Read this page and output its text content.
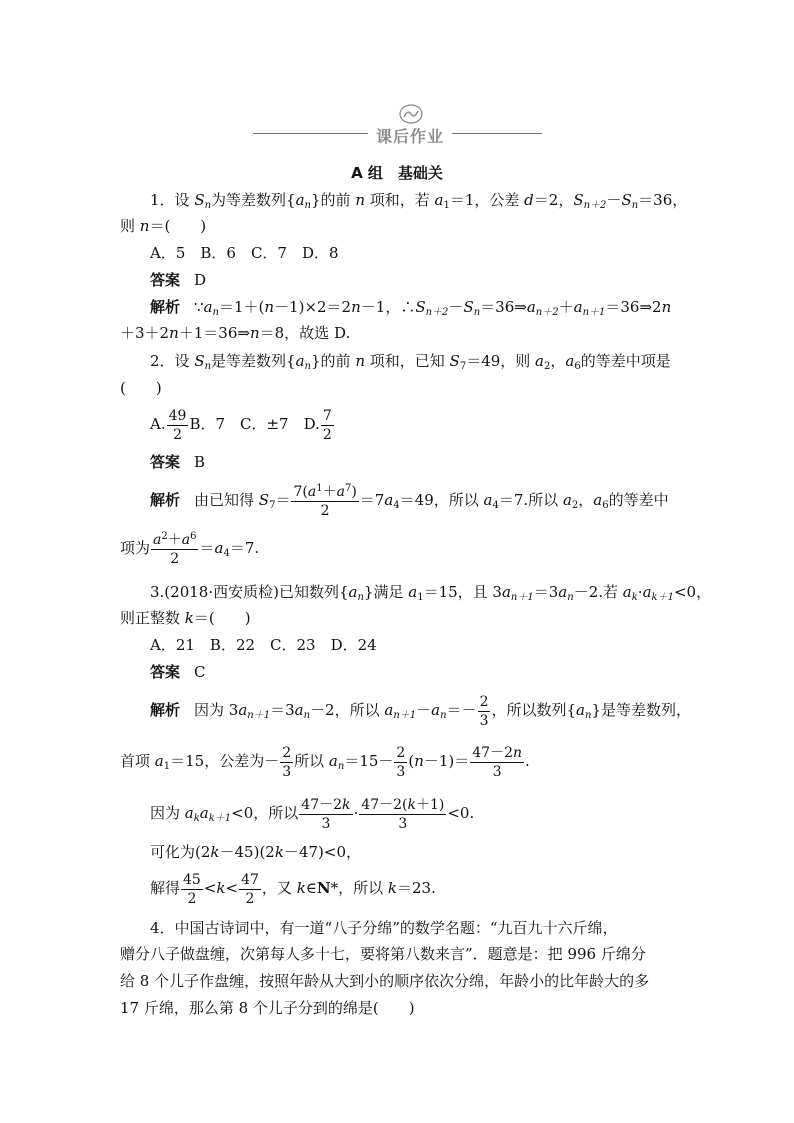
课后作业
A 组　基础关
1．设 $S_n$为等差数列$\{a_n\}$的前 n 项和，若 $a_1=1$，公差 d＝2，$S_{n+2}-S_n=36$，
则 n＝(　　)
A．5　B．6　C．7　D．8
答案 D
解析 $\because a_n=1+(n-1)\times 2=2n-1$，$\therefore S_{n+2}-S_n=36\Rightarrow a_{n+2}+a_{n+1}=36\Rightarrow 2n$
＋3＋2n＋1＝36⇒n＝8，故选 D.
2．设 $S_n$是等差数列$\{a_n\}$的前 n 项和，已知 $S_7=49$，则 $a_2$，$a_6$的等差中项是
(　　)
A. $\frac{49}{2}$ B．7　C．±7　D. $\frac{7}{2}$
答案 B
解析 由已知得 $S_7= \frac{7(a^1+a^7)}{2} =7a_4=49$，所以 $a_4=7$.所以 $a_2$，$a_6$的等差中
项为 $\frac{a^2+a^6}{2} =a_4=7$.
3.(2018·西安质检)已知数列$\{a_n\}$满足 $a_1=15$，且 $3a_{n+1}=3a_n-2$.若 $a_k\cdot a_{k+1}<0$，
则正整数 k＝(　　)
A．21　B．22　C．23　D．24
答案 C
解析 因为 $3a_{n+1}=3a_n-2$，所以 $a_{n+1}-a_n=- \frac{2}{3}$ ，所以数列$\{a_n\}$是等差数列，
首项 $a_1=15$，公差为－ $\frac{2}{3}$ 所以 $a_n=15- \frac{2}{3} (n-1)= \frac{47-2n}{3}$ .
因为 $a_ka_{k+1}<0$，所以 $\frac{47-2k}{3} \cdot \frac{47-2(k+1)}{3} <0$.
可化为(2k－45)(2k－47)<0，
解得 $\frac{45}{2} <k< \frac{47}{2}$ ，又 k∈N*，所以 k＝23.
4．中国古诗词中，有一道“八子分绵”的数学名题：“九百九十六斤绵，
赠分八子做盘缠，次第每人多十七，要将第八数来言”．题意是：把 996 斤绵分
给 8 个儿子作盘缠，按照年龄从大到小的顺序依次分绵，年龄小的比年龄大的多
17 斤绵，那么第 8 个儿子分到的绵是(　　)
